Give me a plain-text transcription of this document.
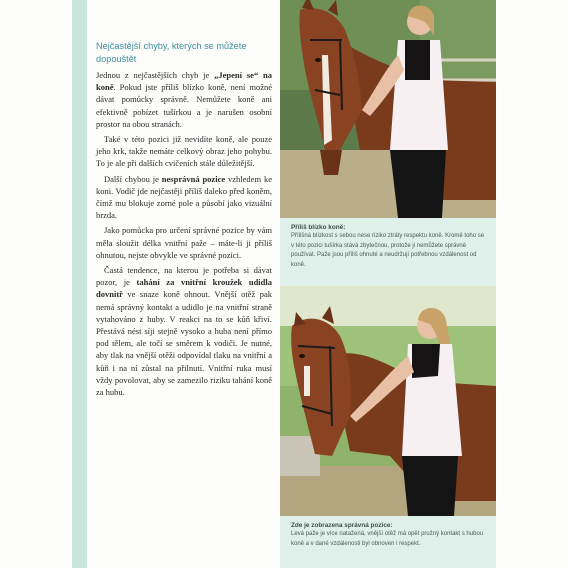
Nejčastější chyby, kterých se můžete
dopouštět

Jednou z nejčastějších chyb je „Jepení se“ na koně. Pokud jste příliš blízko koně, není možné dávat pomůcky správně. Nemůžete koně ani efektivně pobízet tušírkou a je narušen osobní prostor na obou stranách.

Také v této pozici již nevidíte koně, ale pouze jeho krk, takže nemáte celkový obraz jeho pohybu. To je ale při dalších cvičeních stále důležitější.

Další chybou je nesprávná pozice vzhledem ke koni. Vodič jde nejčastěji příliš daleko před koněm, čímž mu blokuje zorné pole a působí jako vizuální brzda.

Jako pomůcka pro určení správné pozice by vám měla sloužit délka vnitřní paže – máte-li ji příliš ohnutou, nejste obvykle ve správné pozici.

Častá tendence, na kterou je potřeba si dávat pozor, je tahání za vnitřní kroužek udidla dovnitř ve snaze koně ohnout. Vnější otěž pak nemá správný kontakt a udidlo je na vnitřní straně vytahováno z huby. V reakci na to se kůň křiví. Přestává nést síji stejně vysoko a huba není přímo pod tělem, ale točí se směrem k vodiči. Je nutné, aby tlak na vnější otěži odpovídal tlaku na vnitřní a kůň i na ní zůstal na přilnutí. Vnitřní ruka musí vždy povolovat, aby se zamezilo riziku tahání koně za hubu.

Příliš blízko koně:
Přílišná blízkost s sebou nese riziko ztráty respektu koně. Kromě toho se v této pozici tušírka stává zbytečnou, protože ji nemůžete správně používat. Paže jsou příliš ohnuté a neudržují potřebnou vzdálenost od koně.
Zde je zobrazena správná pozice:
Levá paže je více natažená, vnější otěž má opět pružný kontakt s hubou koně a v dané vzdálenosti byl obnoven i respekt.
